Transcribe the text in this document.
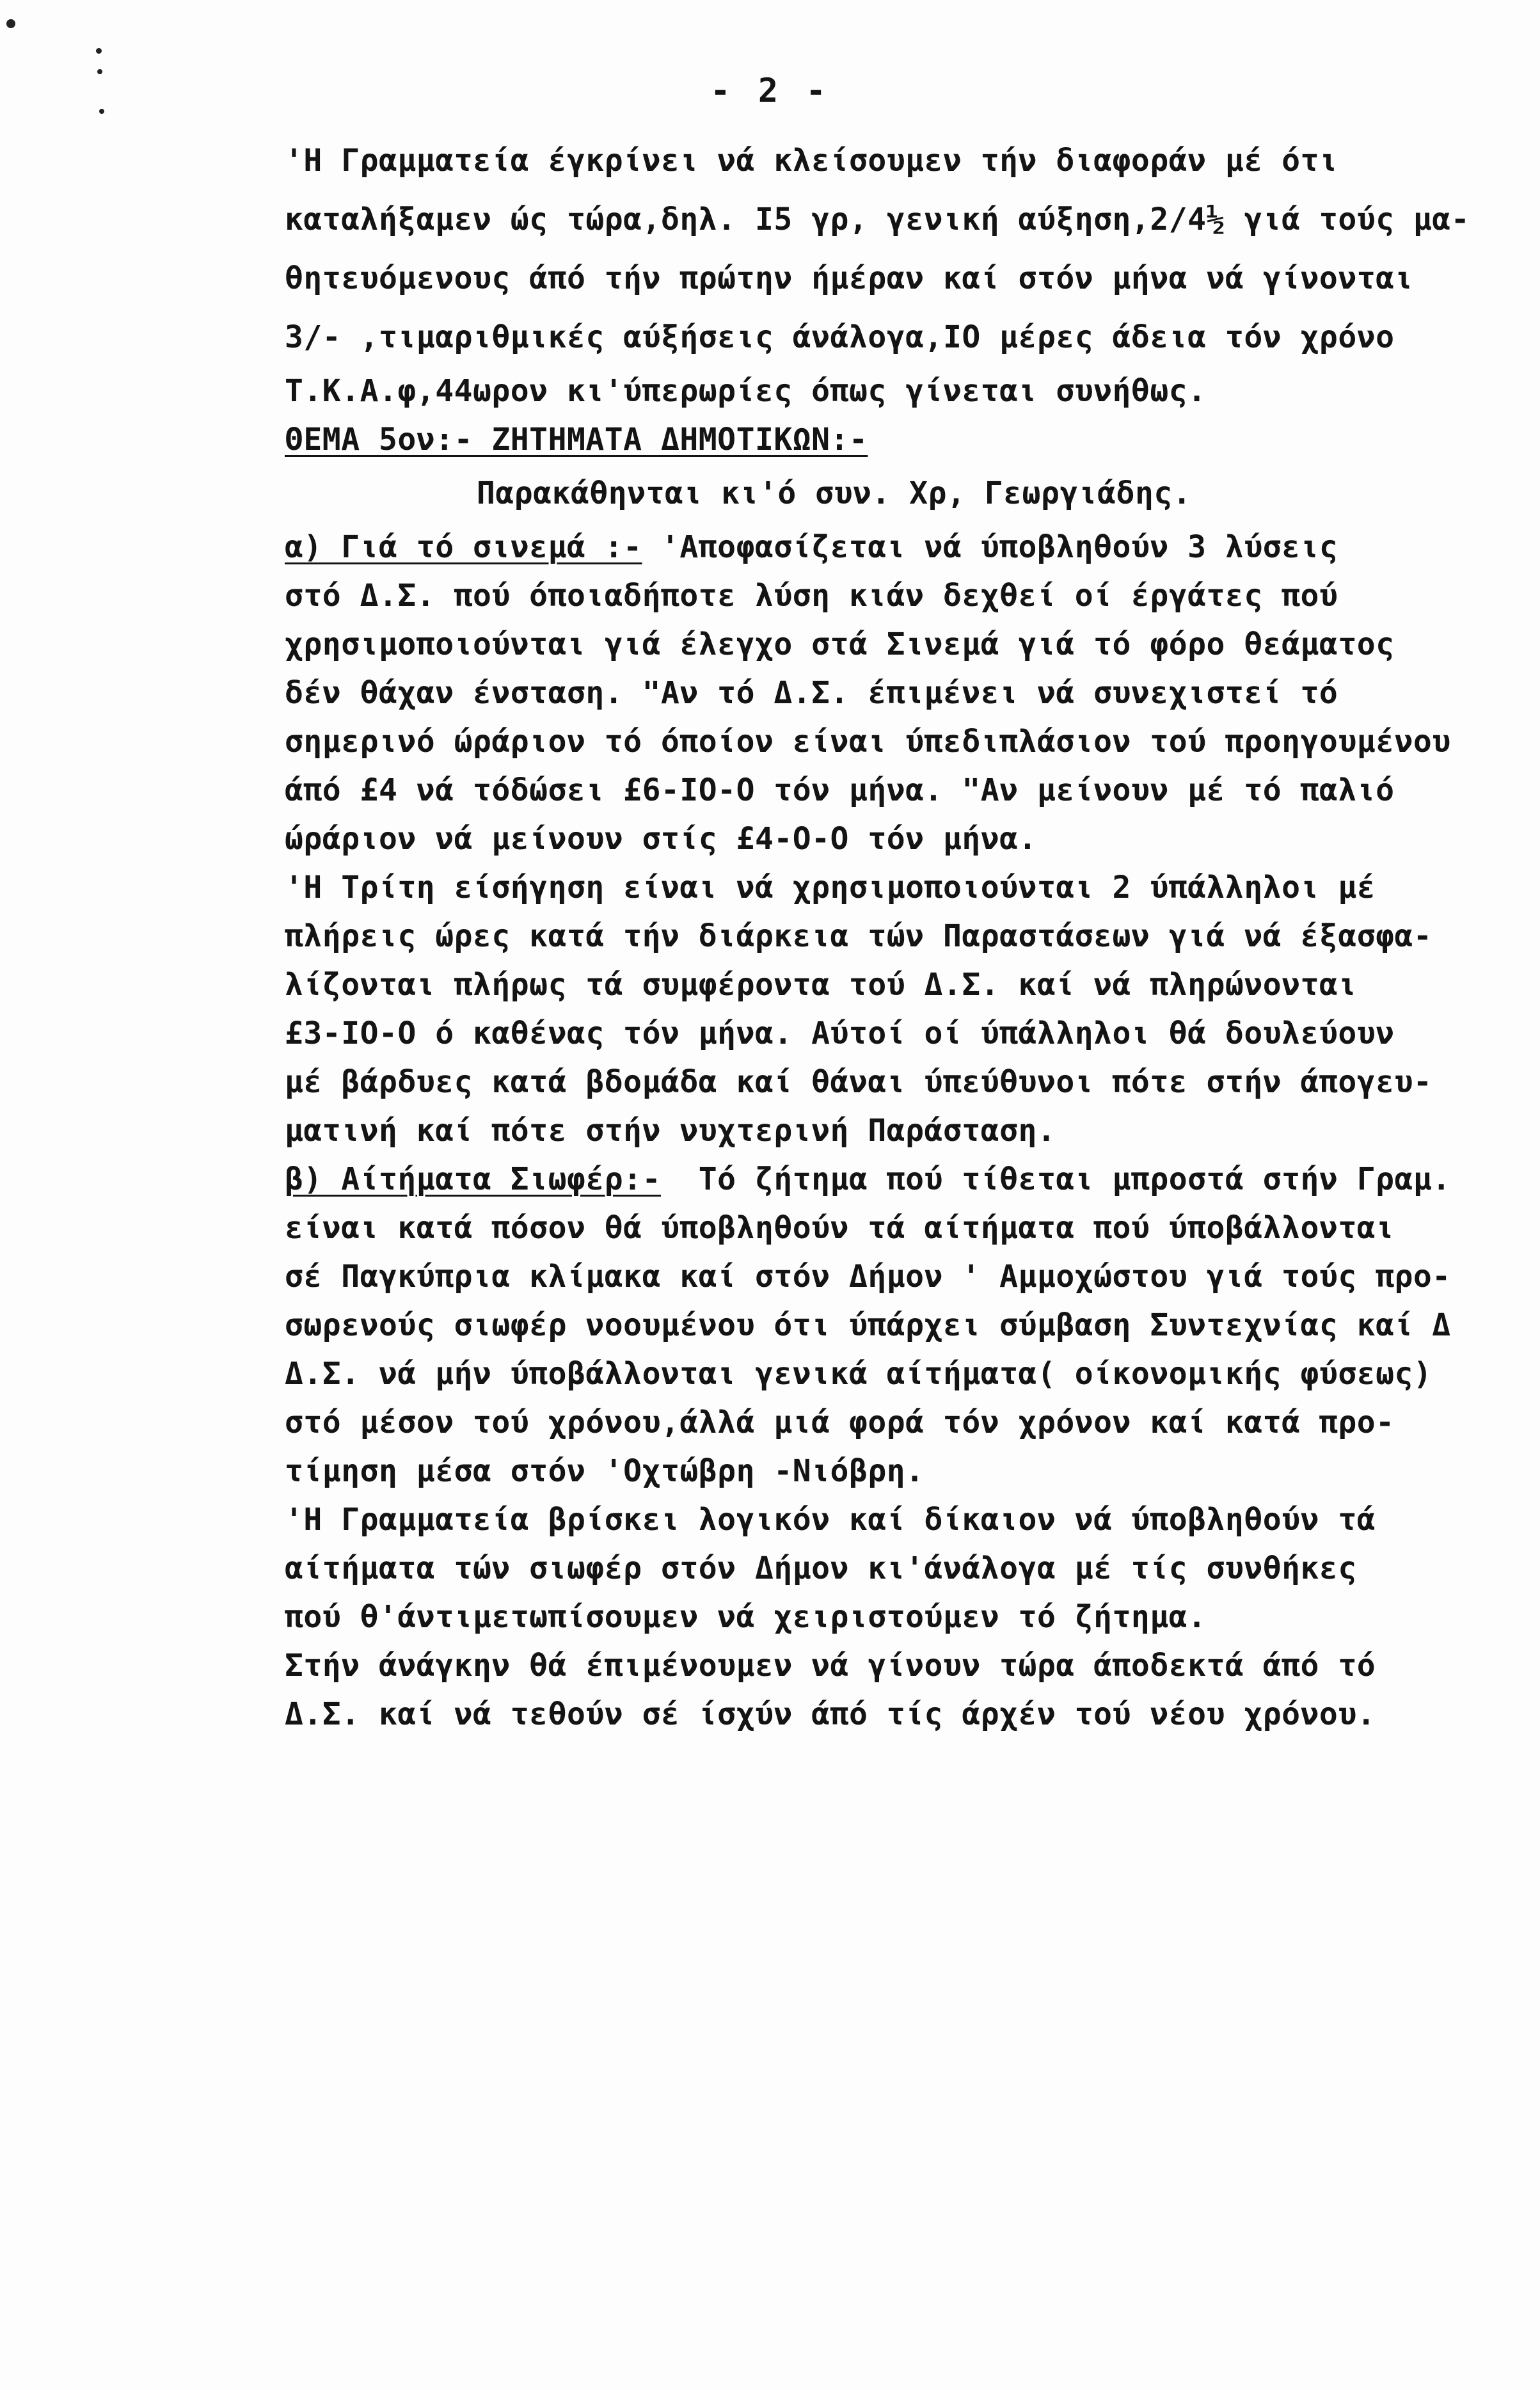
- 2 -
'Η Γραμματεία έγκρίνει νά κλείσουμεν τήν διαφοράν μέ ότι
καταλήξαμεν ώς τώρα,δηλ. Ι5 γρ, γενική αύξηση,2/4½ γιά τούς μα-
θητευόμενους άπό τήν πρώτην ήμέραν καί στόν μήνα νά γίνονται
3/- ,τιμαριθμικές αύξήσεις άνάλογα,ΙΟ μέρες άδεια τόν χρόνο
Τ.Κ.Α.φ,44ωρον κι'ύπερωρίες όπως γίνεται συνήθως.
ΘΕΜΑ 5ον:- ΖΗΤΗΜΑΤΑ ΔΗΜΟΤΙΚΩΝ:-
Παρακάθηνται κι'ό συν. Χρ, Γεωργιάδης.
α) Γιά τό σινεμά :- 'Αποφασίζεται νά ύποβληθούν 3 λύσεις
στό Δ.Σ. πού όποιαδήποτε λύση κιάν δεχθεί οί έργάτες πού
χρησιμοποιούνται γιά έλεγχο στά Σινεμά γιά τό φόρο θεάματος
δέν θάχαν ένσταση. "Αν τό Δ.Σ. έπιμένει νά συνεχιστεί τό
σημερινό ώράριον τό όποίον είναι ύπεδιπλάσιον τού προηγουμένου
άπό £4 νά τόδώσει £6-ΙΟ-Ο τόν μήνα. "Αν μείνουν μέ τό παλιό
ώράριον νά μείνουν στίς £4-Ο-Ο τόν μήνα.
'Η Τρίτη είσήγηση είναι νά χρησιμοποιούνται 2 ύπάλληλοι μέ
πλήρεις ώρες κατά τήν διάρκεια τών Παραστάσεων γιά νά έξασφα-
λίζονται πλήρως τά συμφέροντα τού Δ.Σ. καί νά πληρώνονται
£3-ΙΟ-Ο ό καθένας τόν μήνα. Αύτοί οί ύπάλληλοι θά δουλεύουν
μέ βάρδυες κατά βδομάδα καί θάναι ύπεύθυνοι πότε στήν άπογευ-
ματινή καί πότε στήν νυχτερινή Παράσταση.
β) Αίτήματα Σιωφέρ:-  Τό ζήτημα πού τίθεται μπροστά στήν Γραμ.
είναι κατά πόσον θά ύποβληθούν τά αίτήματα πού ύποβάλλονται
σέ Παγκύπρια κλίμακα καί στόν Δήμον ' Αμμοχώστου γιά τούς προ-
σωρενούς σιωφέρ νοουμένου ότι ύπάρχει σύμβαση Συντεχνίας καί Δ
Δ.Σ. νά μήν ύποβάλλονται γενικά αίτήματα( οίκονομικής φύσεως)
στό μέσον τού χρόνου,άλλά μιά φορά τόν χρόνον καί κατά προ-
τίμηση μέσα στόν 'Οχτώβρη -Νιόβρη.
'Η Γραμματεία βρίσκει λογικόν καί δίκαιον νά ύποβληθούν τά
αίτήματα τών σιωφέρ στόν Δήμον κι'άνάλογα μέ τίς συνθήκες
πού θ'άντιμετωπίσουμεν νά χειριστούμεν τό ζήτημα.
Στήν άνάγκην θά έπιμένουμεν νά γίνουν τώρα άποδεκτά άπό τό
Δ.Σ. καί νά τεθούν σέ ίσχύν άπό τίς άρχέν τού νέου χρόνου.
